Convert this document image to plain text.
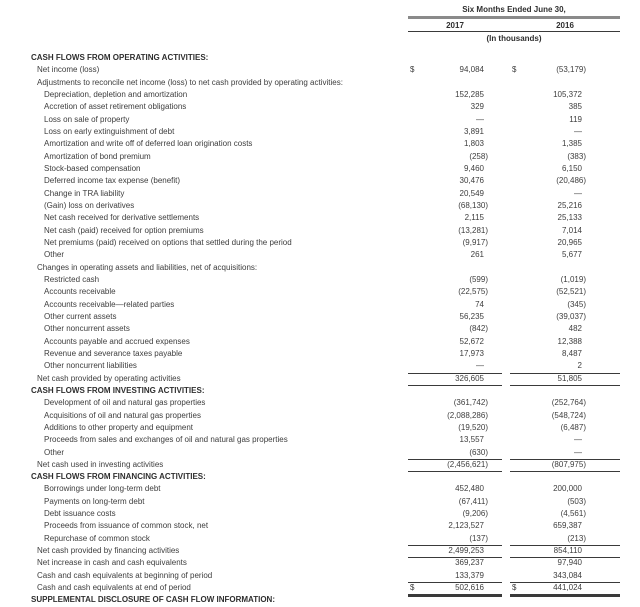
Six Months Ended June 30,
2017	2016
(In thousands)
CASH FLOWS FROM OPERATING ACTIVITIES:
Net income (loss)	$	94,084	$	(53,179)
Adjustments to reconcile net income (loss) to net cash provided by operating activities:
Depreciation, depletion and amortization	152,285	105,372
Accretion of asset retirement obligations	329	385
Loss on sale of property	—	119
Loss on early extinguishment of debt	3,891	—
Amortization and write off of deferred loan origination costs	1,803	1,385
Amortization of bond premium	(258)	(383)
Stock-based compensation	9,460	6,150
Deferred income tax expense (benefit)	30,476	(20,486)
Change in TRA liability	20,549	—
(Gain) loss on derivatives	(68,130)	25,216
Net cash received for derivative settlements	2,115	25,133
Net cash (paid) received for option premiums	(13,281)	7,014
Net premiums (paid) received on options that settled during the period	(9,917)	20,965
Other	261	5,677
Changes in operating assets and liabilities, net of acquisitions:
Restricted cash	(599)	(1,019)
Accounts receivable	(22,575)	(52,521)
Accounts receivable—related parties	74	(345)
Other current assets	56,235	(39,037)
Other noncurrent assets	(842)	482
Accounts payable and accrued expenses	52,672	12,388
Revenue and severance taxes payable	17,973	8,487
Other noncurrent liabilities	—	2
Net cash provided by operating activities	326,605	51,805
CASH FLOWS FROM INVESTING ACTIVITIES:
Development of oil and natural gas properties	(361,742)	(252,764)
Acquisitions of oil and natural gas properties	(2,088,286)	(548,724)
Additions to other property and equipment	(19,520)	(6,487)
Proceeds from sales and exchanges of oil and natural gas properties	13,557	—
Other	(630)	—
Net cash used in investing activities	(2,456,621)	(807,975)
CASH FLOWS FROM FINANCING ACTIVITIES:
Borrowings under long-term debt	452,480	200,000
Payments on long-term debt	(67,411)	(503)
Debt issuance costs	(9,206)	(4,561)
Proceeds from issuance of common stock, net	2,123,527	659,387
Repurchase of common stock	(137)	(213)
Net cash provided by financing activities	2,499,253	854,110
Net increase in cash and cash equivalents	369,237	97,940
Cash and cash equivalents at beginning of period	133,379	343,084
Cash and cash equivalents at end of period	$	502,616	$	441,024
SUPPLEMENTAL DISCLOSURE OF CASH FLOW INFORMATION:
